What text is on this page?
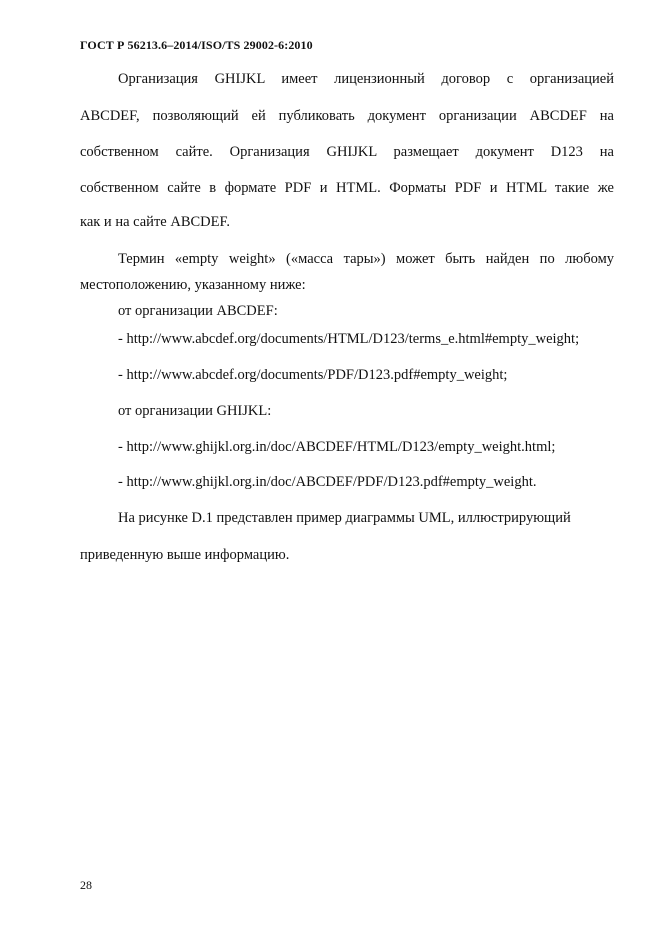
ГОСТ Р 56213.6–2014/ISO/TS 29002-6:2010
Организация GHIJKL имеет лицензионный договор с организацией
ABCDEF, позволяющий ей публиковать документ организации ABCDEF на
собственном сайте. Организация GHIJKL размещает документ D123 на
собственном сайте в формате PDF и HTML. Форматы PDF и HTML такие же
как и на сайте ABCDEF.
Термин «empty weight» («масса тары») может быть найден по любому
местоположению, указанному ниже:
от организации ABCDEF:
- http://www.abcdef.org/documents/HTML/D123/terms_e.html#empty_weight;
- http://www.abcdef.org/documents/PDF/D123.pdf#empty_weight;
от организации GHIJKL:
- http://www.ghijkl.org.in/doc/ABCDEF/HTML/D123/empty_weight.html;
- http://www.ghijkl.org.in/doc/ABCDEF/PDF/D123.pdf#empty_weight.
На рисунке D.1 представлен пример диаграммы UML, иллюстрирующий
приведенную выше информацию.
28
